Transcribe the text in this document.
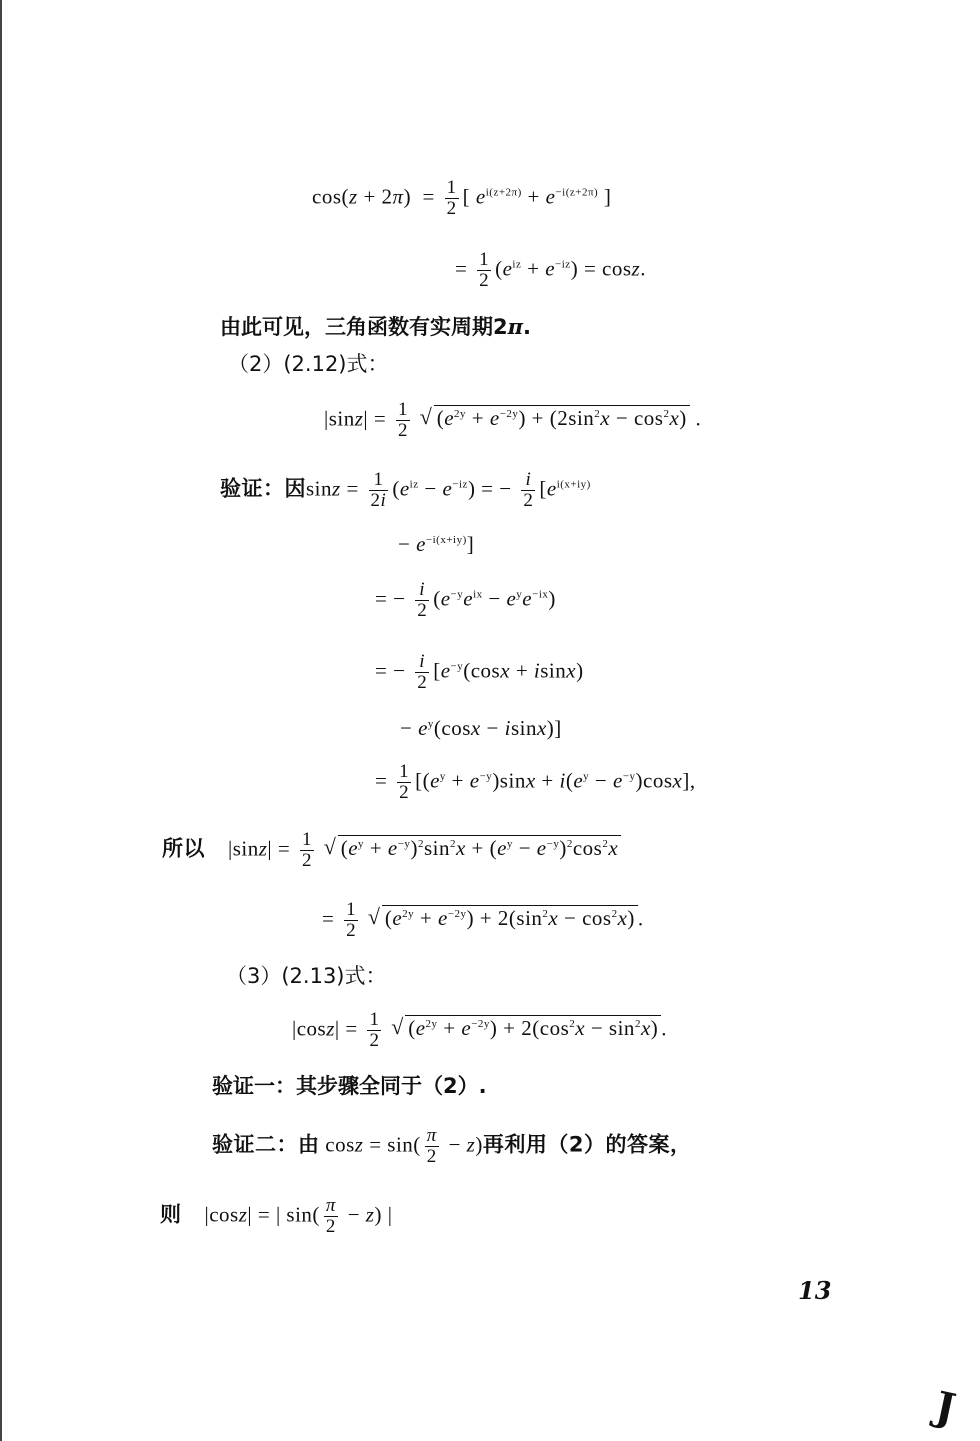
$\cos(z + 2\pi) = \frac{1}{2}$ [ $e^{i(z+2\pi)} + e^{-i(z+2\pi)}$ ]
= $\frac{1}{2} (e^{iz} + e^{-iz}) = \cos z$.
由此可见，三角函数有实周期2π.
（2）(2.12)式：
$|\sin z| = \frac{1}{2}$ √ $(e^{2y} + e^{-2y}) + (2\sin^2x - \cos^2x)$ .
验证：因$\sin z = \frac{1}{2i} (e^{iz} - e^{-iz})$ = − $\frac{i}{2} [e^{i(x+iy)}$
− $e^{-i(x+iy)}$]
= − $\frac{i}{2} (e^{-y}e^{ix} - e^ye^{-ix})$
= − $\frac{i}{2} [e^{-y}(\cos x + isinx)$
− $e^y(\cos x - isinx)$]
= $\frac{1}{2} [(e^y + e^{-y})\sin x + i(e^y - e^{-y})\cos x]$,
所以    $|\sin z| = \frac{1}{2}$ √ $(e^y + e^{-y})^2\sin^2x + (e^y - e^{-y})^2\cos^2x$
= $\frac{1}{2}$ √ $(e^{2y} + e^{-2y}) + 2(\sin^2x - \cos^2x)$ .
（3）(2.13)式：
$|\cos z| = \frac{1}{2}$ √ $(e^{2y} + e^{-2y}) + 2(\cos^2x - \sin^2x)$ .
验证一：其步骤全同于（2）.
验证二：由 $\cos z = \sin( \frac{\pi}{2} - z)$再利用（2）的答案，
则    |cosz| = | $\sin( \frac{\pi}{2} - z)$ |
13
J
